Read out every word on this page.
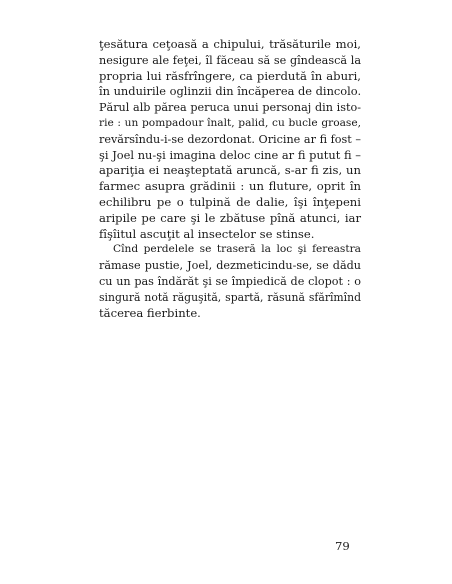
ţesătura ceţoasă a chipului, trăsăturile moi,
nesigure ale feţei, îl făceau să se gîndească la
propria lui răsfrîngere, ca pierdută în aburi,
în unduirile oglinzii din încăperea de dincolo.
Părul alb părea peruca unui personaj din isto-
rie : un pompadour înalt, palid, cu bucle groase,
revărsîndu-i-se dezordonat. Oricine ar fi fost –
şi Joel nu-şi imagina deloc cine ar fi putut fi –
apariţia ei neaşteptată aruncă, s-ar fi zis, un
farmec asupra grădinii : un fluture, oprit în
echilibru pe o tulpină de dalie, îşi înţepeni
aripile pe care şi le zbătuse pînă atunci, iar
fîşîitul ascuţit al insectelor se stinse.

Cînd perdelele se traseră la loc şi fereastra
rămase pustie, Joel, dezmeticindu-se, se dădu
cu un pas îndărăt şi se împiedică de clopot : o
singură notă răguşită, spartă, răsună sfărîmînd
tăcerea fierbinte.

79
